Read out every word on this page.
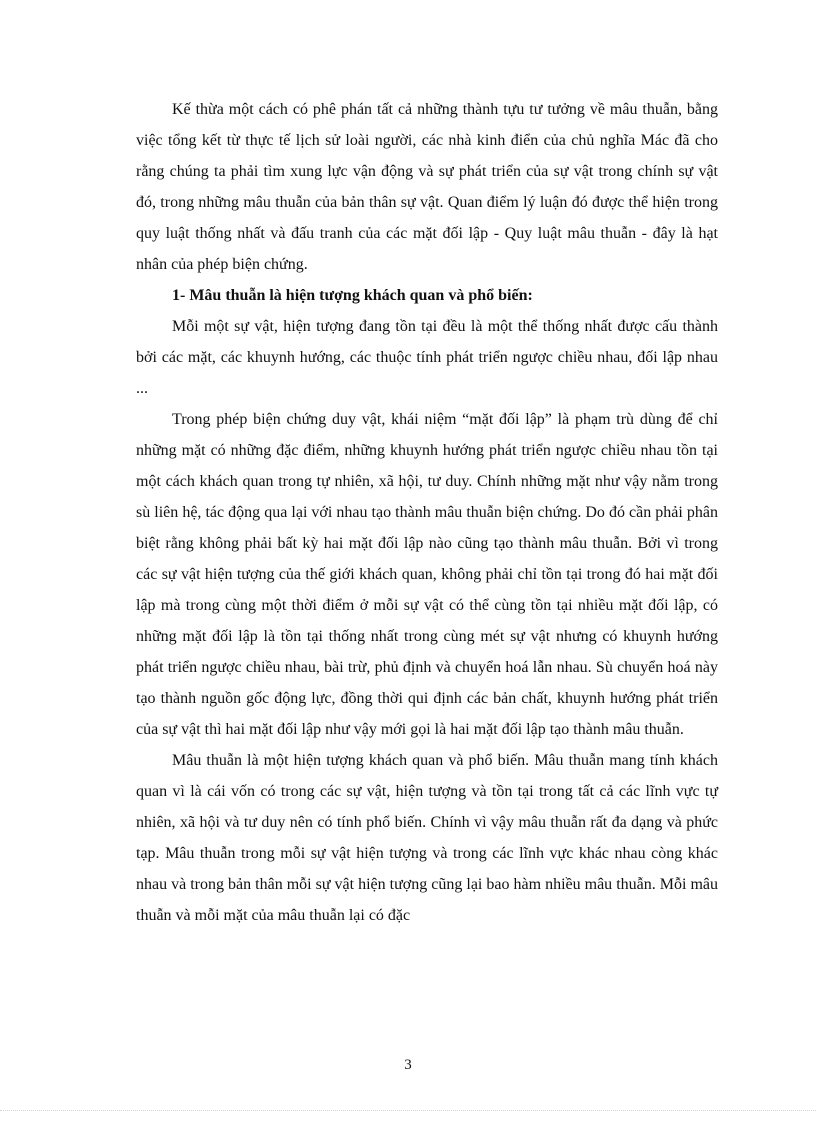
Kế thừa một cách có phê phán tất cả những thành tựu tư tưởng về mâu thuẫn, bằng việc tổng kết từ thực tế lịch sử loài người, các nhà kinh điển của chủ nghĩa Mác đã cho rằng chúng ta phải tìm xung lực vận động và sự phát triển của sự vật trong chính sự vật đó, trong những mâu thuẫn của bản thân sự vật. Quan điểm lý luận đó được thể hiện trong quy luật thống nhất và đấu tranh của các mặt đối lập - Quy luật mâu thuẫn - đây là hạt nhân của phép biện chứng.

1- Mâu thuẫn là hiện tượng khách quan và phổ biến:

Mỗi một sự vật, hiện tượng đang tồn tại đều là một thể thống nhất được cấu thành bởi các mặt, các khuynh hướng, các thuộc tính phát triển ngược chiều nhau, đối lập nhau ...

Trong phép biện chứng duy vật, khái niệm “mặt đối lập” là phạm trù dùng để chỉ những mặt có những đặc điểm, những khuynh hướng phát triển ngược chiều nhau tồn tại một cách khách quan trong tự nhiên, xã hội, tư duy. Chính những mặt như vậy nằm trong sù liên hệ, tác động qua lại với nhau tạo thành mâu thuẫn biện chứng. Do đó cần phải phân biệt rằng không phải bất kỳ hai mặt đối lập nào cũng tạo thành mâu thuẫn. Bởi vì trong các sự vật hiện tượng của thế giới khách quan, không phải chỉ tồn tại trong đó hai mặt đối lập mà trong cùng một thời điểm ở mỗi sự vật có thể cùng tồn tại nhiều mặt đối lập, có những mặt đối lập là tồn tại thống nhất trong cùng mét sự vật nhưng có khuynh hướng phát triển ngược chiều nhau, bài trừ, phủ định và chuyển hoá lẫn nhau. Sù chuyển hoá này tạo thành nguồn gốc động lực, đồng thời qui định các bản chất, khuynh hướng phát triển của sự vật thì hai mặt đối lập như vậy mới gọi là hai mặt đối lập tạo thành mâu thuẫn.

Mâu thuẫn là một hiện tượng khách quan và phổ biến. Mâu thuẫn mang tính khách quan vì là cái vốn có trong các sự vật, hiện tượng và tồn tại trong tất cả các lĩnh vực tự nhiên, xã hội và tư duy nên có tính phổ biến. Chính vì vậy mâu thuẫn rất đa dạng và phức tạp. Mâu thuẫn trong mỗi sự vật hiện tượng và trong các lĩnh vực khác nhau còng khác nhau và trong bản thân mỗi sự vật hiện tượng cũng lại bao hàm nhiều mâu thuẫn. Mỗi mâu thuẫn và mỗi mặt của mâu thuẫn lại có đặc

3
